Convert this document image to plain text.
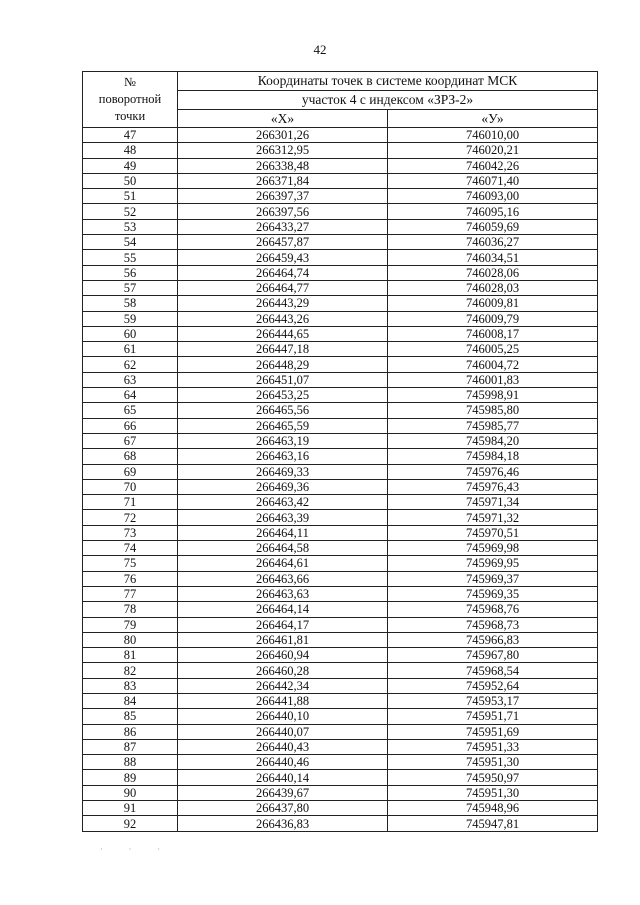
42
№
поворотной
точки	Координаты точек в системе координат МСК	
	участок 4 с индексом «ЗРЗ-2»	
	«Х»	«У»
47	266301,26	746010,00
48	266312,95	746020,21
49	266338,48	746042,26
50	266371,84	746071,40
51	266397,37	746093,00
52	266397,56	746095,16
53	266433,27	746059,69
54	266457,87	746036,27
55	266459,43	746034,51
56	266464,74	746028,06
57	266464,77	746028,03
58	266443,29	746009,81
59	266443,26	746009,79
60	266444,65	746008,17
61	266447,18	746005,25
62	266448,29	746004,72
63	266451,07	746001,83
64	266453,25	745998,91
65	266465,56	745985,80
66	266465,59	745985,77
67	266463,19	745984,20
68	266463,16	745984,18
69	266469,33	745976,46
70	266469,36	745976,43
71	266463,42	745971,34
72	266463,39	745971,32
73	266464,11	745970,51
74	266464,58	745969,98
75	266464,61	745969,95
76	266463,66	745969,37
77	266463,63	745969,35
78	266464,14	745968,76
79	266464,17	745968,73
80	266461,81	745966,83
81	266460,94	745967,80
82	266460,28	745968,54
83	266442,34	745952,64
84	266441,88	745953,17
85	266440,10	745951,71
86	266440,07	745951,69
87	266440,43	745951,33
88	266440,46	745951,30
89	266440,14	745950,97
90	266439,67	745951,30
91	266437,80	745948,96
92	266436,83	745947,81
· · ·
